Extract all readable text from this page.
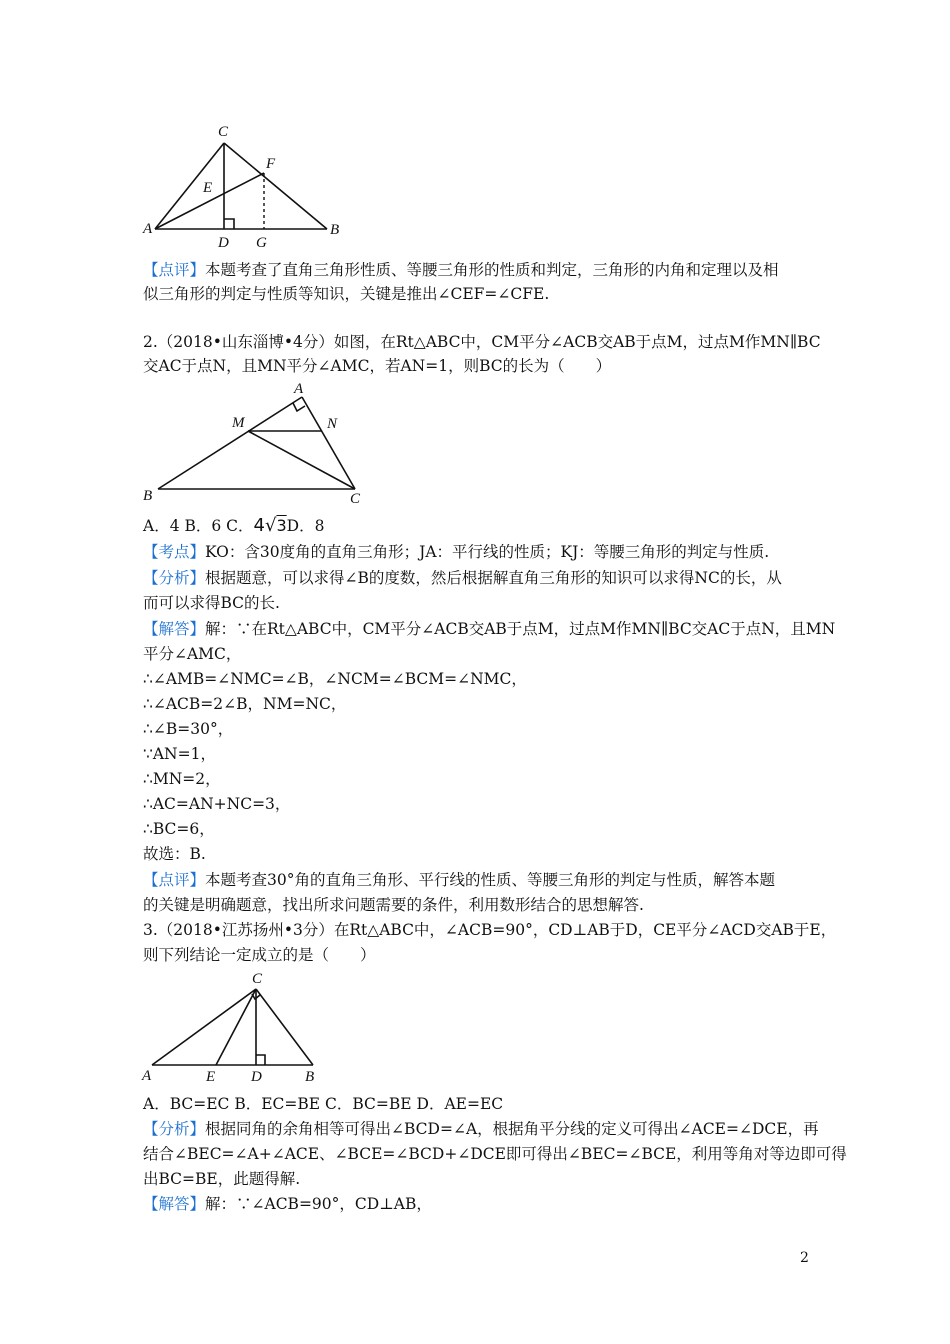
C
F
E
A
D G
B
【点评】本题考查了直角三角形性质、等腰三角形的性质和判定，三角形的内角和定理以及相
似三角形的判定与性质等知识，关键是推出∠CEF=∠CFE.
2.（2018•山东淄博•4分）如图，在Rt△ABC中，CM平分∠ACB交AB于点M，过点M作MN∥BC
交AC于点N，且MN平分∠AMC，若AN=1，则BC的长为（　　）
A
M	N
B	C
A．4 B．6 C．4√3D．8
【考点】KO：含30度角的直角三角形；JA：平行线的性质；KJ：等腰三角形的判定与性质.
【分析】根据题意，可以求得∠B的度数，然后根据解直角三角形的知识可以求得NC的长，从
而可以求得BC的长.
【解答】解：∵在Rt△ABC中，CM平分∠ACB交AB于点M，过点M作MN∥BC交AC于点N，且MN
平分∠AMC，
∴∠AMB=∠NMC=∠B，∠NCM=∠BCM=∠NMC，
∴∠ACB=2∠B，NM=NC，
∴∠B=30°，
∵AN=1，
∴MN=2，
∴AC=AN+NC=3，
∴BC=6，
故选：B.
【点评】本题考查30°角的直角三角形、平行线的性质、等腰三角形的判定与性质，解答本题
的关键是明确题意，找出所求问题需要的条件，利用数形结合的思想解答.
3.（2018•江苏扬州•3分）在Rt△ABC中，∠ACB=90°，CD⊥AB于D，CE平分∠ACD交AB于E，
则下列结论一定成立的是（　　）
C
A	E D	B
A．BC=EC B．EC=BE C．BC=BE D．AE=EC
【分析】根据同角的余角相等可得出∠BCD=∠A，根据角平分线的定义可得出∠ACE=∠DCE，再
结合∠BEC=∠A+∠ACE、∠BCE=∠BCD+∠DCE即可得出∠BEC=∠BCE，利用等角对等边即可得
出BC=BE，此题得解.
【解答】解：∵∠ACB=90°，CD⊥AB，
2
